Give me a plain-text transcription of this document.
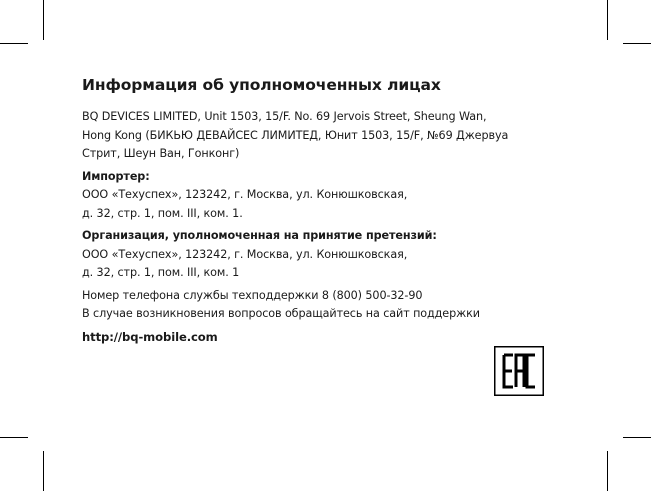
Информация об уполномоченных лицах

BQ DEVICES LIMITED, Unit 1503, 15/F. No. 69 Jervois Street, Sheung Wan,

Hong Kong (БИКЬЮ ДЕВАЙСЕС ЛИМИТЕД, Юнит 1503, 15/F, №69 Джервуа

Стрит, Шеун Ван, Гонконг)

Импортер:

ООО «Техуспех», 123242, г. Москва, ул. Конюшковская,

д. 32, стр. 1, пом. III, ком. 1.

Организация, уполномоченная на принятие претензий:

ООО «Техуспех», 123242, г. Москва, ул. Конюшковская,

д. 32, стр. 1, пом. III, ком. 1

Номер телефона службы техподдержки 8 (800) 500-32-90

В случае возникновения вопросов обращайтесь на сайт поддержки

http://bq-mobile.com
